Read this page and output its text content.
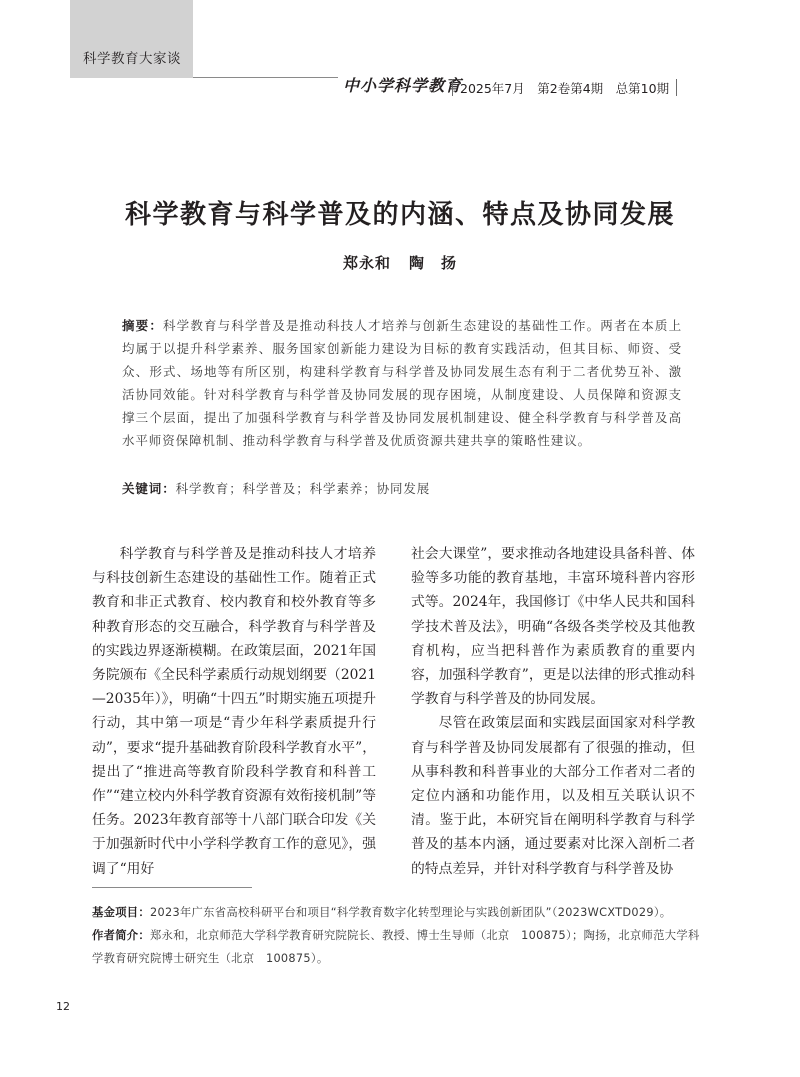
科学教育大家谈
中小学科学教育
2025年7月　第2卷第4期　总第10期
科学教育与科学普及的内涵、特点及协同发展
郑永和 陶　扬
摘要：科学教育与科学普及是推动科技人才培养与创新生态建设的基础性工作。两者在本质上均属于以提升科学素养、服务国家创新能力建设为目标的教育实践活动，但其目标、师资、受众、形式、场地等有所区别，构建科学教育与科学普及协同发展生态有利于二者优势互补、激活协同效能。针对科学教育与科学普及协同发展的现存困境，从制度建设、人员保障和资源支撑三个层面，提出了加强科学教育与科学普及协同发展机制建设、健全科学教育与科学普及高水平师资保障机制、推动科学教育与科学普及优质资源共建共享的策略性建议。
关键词：科学教育；科学普及；科学素养；协同发展

科学教育与科学普及是推动科技人才培养与科技创新生态建设的基础性工作。随着正式教育和非正式教育、校内教育和校外教育等多种教育形态的交互融合，科学教育与科学普及的实践边界逐渐模糊。在政策层面，2021年国务院颁布《全民科学素质行动规划纲要（2021—2035年）》，明确“十四五”时期实施五项提升行动，其中第一项是“青少年科学素质提升行动”，要求“提升基础教育阶段科学教育水平”，提出了“推进高等教育阶段科学教育和科普工作”“建立校内外科学教育资源有效衔接机制”等任务。2023年教育部等十八部门联合印发《关于加强新时代中小学科学教育工作的意见》，强调了“用好

社会大课堂”，要求推动各地建设具备科普、体验等多功能的教育基地，丰富环境科普内容形式等。2024年，我国修订《中华人民共和国科学技术普及法》，明确“各级各类学校及其他教育机构，应当把科普作为素质教育的重要内容，加强科学教育”，更是以法律的形式推动科学教育与科学普及的协同发展。

尽管在政策层面和实践层面国家对科学教育与科学普及协同发展都有了很强的推动，但从事科教和科普事业的大部分工作者对二者的定位内涵和功能作用，以及相互关联认识不清。鉴于此，本研究旨在阐明科学教育与科学普及的基本内涵，通过要素对比深入剖析二者的特点差异，并针对科学教育与科学普及协

基金项目：2023年广东省高校科研平台和项目“科学教育数字化转型理论与实践创新团队”（2023WCXTD029）。
作者简介：郑永和，北京师范大学科学教育研究院院长、教授、博士生导师（北京　100875）；陶扬，北京师范大学科学教育研究院博士研究生（北京　100875）。
12
